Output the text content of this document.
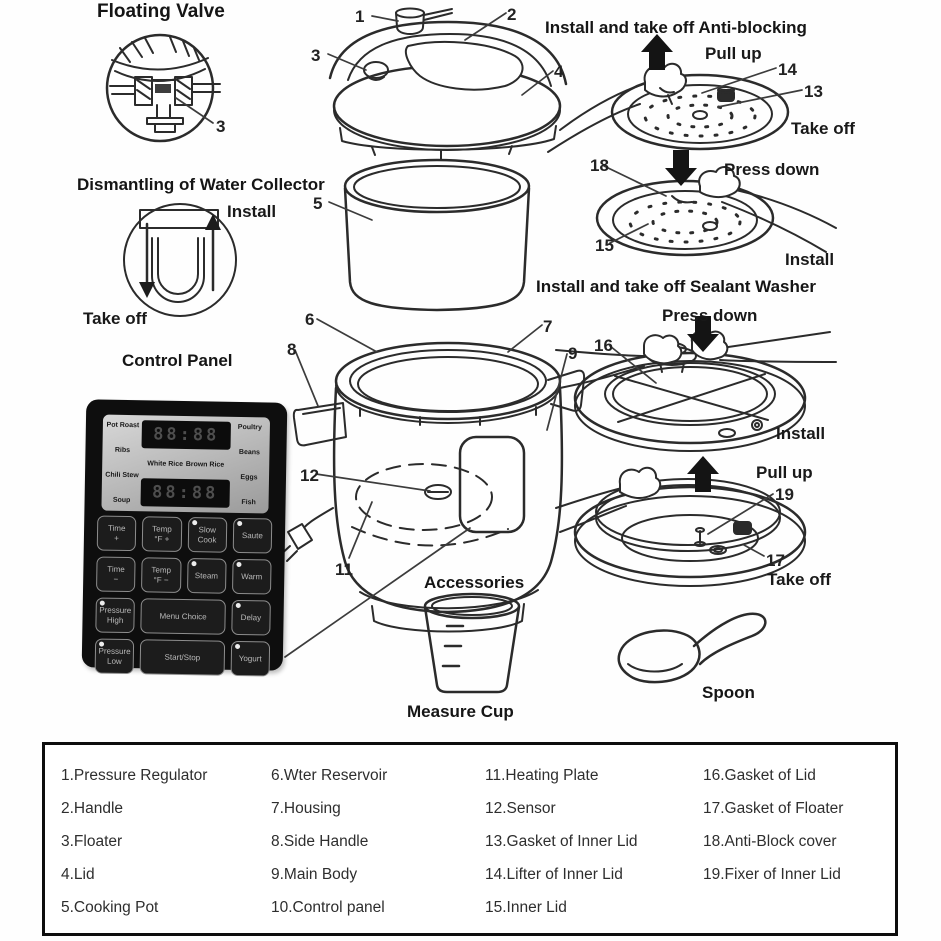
Floating Valve
Dismantling of Water Collector
Control Panel
Install and take off Anti-blocking
Install and take off Sealant Washer
Accessories
Measure Cup
Spoon
Install
Take off
Pull up
Take off
Press down
Install
Press down
Install
Pull up
Take off
1	2
3
3
4
5
6	7
8	9
11
12
13
14
15
16
17
18
19
Pot Roast
Ribs
Chili Stew
Soup
88:88
White Rice Brown Rice
88:88
Poultry
Beans
Eggs
Fish
Time
+
Temp
°F +
Slow
Cook	Saute
Time
−
Temp
°F −	Steam	Warm
Pressure
High	Menu Choice	Delay
Pressure
Low	Start/Stop	Yogurt
1.Pressure Regulator
2.Handle
3.Floater
4.Lid
5.Cooking Pot
6.Wter Reservoir
7.Housing
8.Side Handle
9.Main Body
10.Control panel
11.Heating Plate
12.Sensor
13.Gasket of Inner Lid
14.Lifter of Inner Lid
15.Inner Lid
16.Gasket of Lid
17.Gasket of Floater
18.Anti-Block cover
19.Fixer of Inner Lid
